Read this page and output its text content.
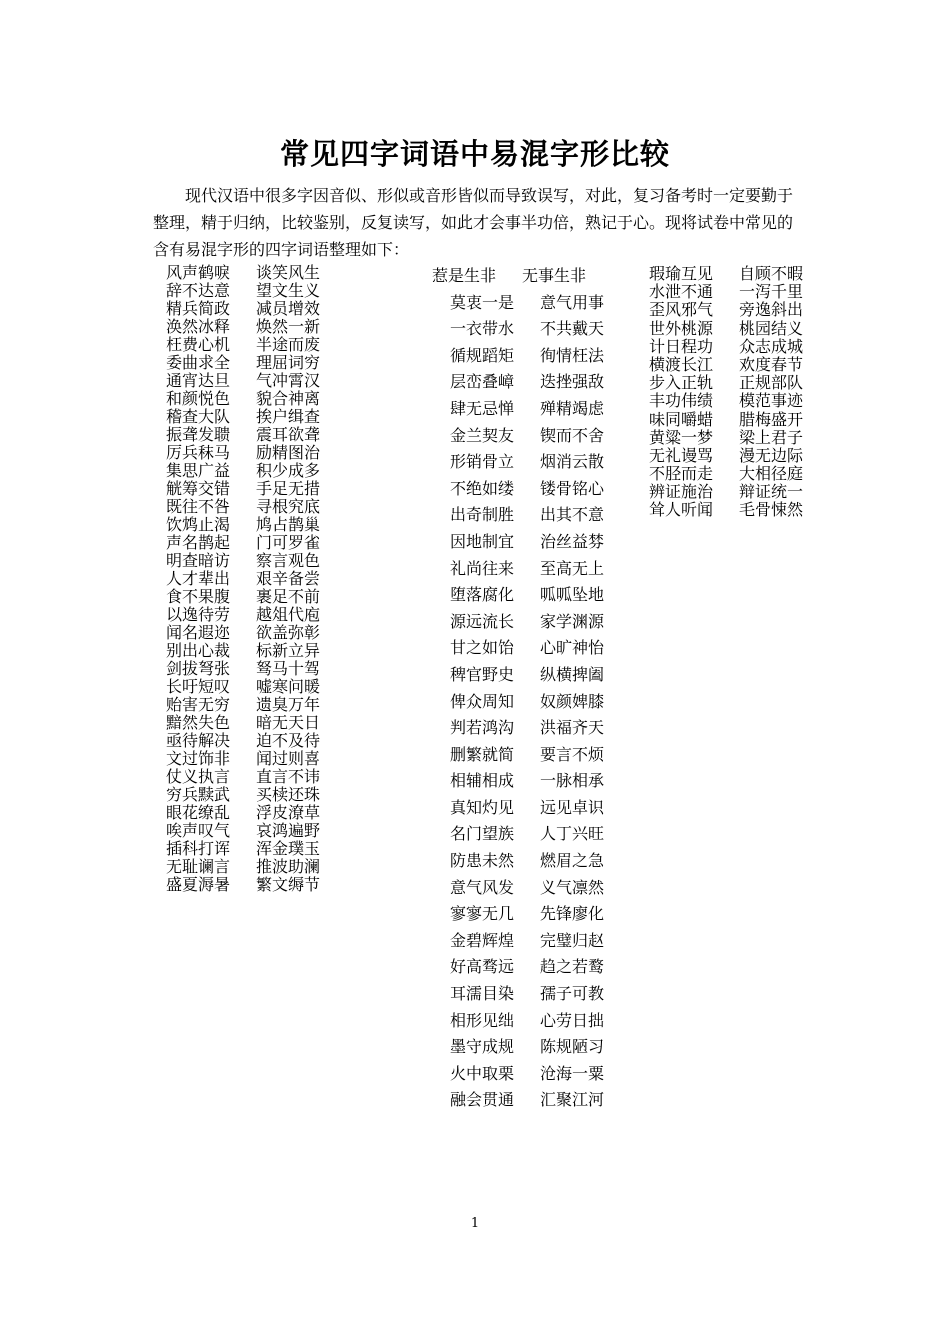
常见四字词语中易混字形比较

现代汉语中很多字因音似、形似或音形皆似而导致误写，对此，复习备考时一定要勤于整理，精于归纳，比较鉴别，反复读写，如此才会事半功倍，熟记于心。现将试卷中常见的含有易混字形的四字词语整理如下：

风声鹤唳	谈笑风生
辞不达意	望文生义
精兵简政	减员增效
涣然冰释	焕然一新
枉费心机	半途而废
委曲求全	理屈词穷
通宵达旦	气冲霄汉
和颜悦色	貌合神离
稽查大队	挨户缉查
振聋发聩	震耳欲聋
厉兵秣马	励精图治
集思广益	积少成多
觥筹交错	手足无措
既往不咎	寻根究底
饮鸩止渴	鸠占鹊巢
声名鹊起	门可罗雀
明查暗访	察言观色
人才辈出	艰辛备尝
食不果腹	裹足不前
以逸待劳	越俎代庖
闻名遐迩	欲盖弥彰
别出心裁	标新立异
剑拔弩张	驽马十驾
长吁短叹	嘘寒问暖
贻害无穷	遗臭万年
黯然失色	暗无天日
亟待解决	迫不及待
文过饰非	闻过则喜
仗义执言	直言不讳
穷兵黩武	买椟还珠
眼花缭乱	浮皮潦草
唉声叹气	哀鸿遍野
插科打诨	浑金璞玉
无耻谰言	推波助澜
盛夏溽暑	繁文缛节
惹是生非	无事生非
莫衷一是	意气用事
一衣带水	不共戴天
循规蹈矩	徇情枉法
层峦叠嶂	迭挫强敌
肆无忌惮	殚精竭虑
金兰契友	锲而不舍
形销骨立	烟消云散
不绝如缕	镂骨铭心
出奇制胜	出其不意
因地制宜	治丝益棼
礼尚往来	至高无上
堕落腐化	呱呱坠地
源远流长	家学渊源
甘之如饴	心旷神怡
稗官野史	纵横捭阖
俾众周知	奴颜婢膝
判若鸿沟	洪福齐天
删繁就简	要言不烦
相辅相成	一脉相承
真知灼见	远见卓识
名门望族	人丁兴旺
防患未然	燃眉之急
意气风发	义气凛然
寥寥无几	先锋廖化
金碧辉煌	完璧归赵
好高骛远	趋之若鹜
耳濡目染	孺子可教
相形见绌	心劳日拙
墨守成规	陈规陋习
火中取栗	沧海一粟
融会贯通	汇聚江河
瑕瑜互见	自顾不暇
水泄不通	一泻千里
歪风邪气	旁逸斜出
世外桃源	桃园结义
计日程功	众志成城
横渡长江	欢度春节
步入正轨	正规部队
丰功伟绩	模范事迹
味同嚼蜡	腊梅盛开
黄粱一梦	梁上君子
无礼谩骂	漫无边际
不胫而走	大相径庭
辨证施治	辩证统一
耸人听闻	毛骨悚然
1
